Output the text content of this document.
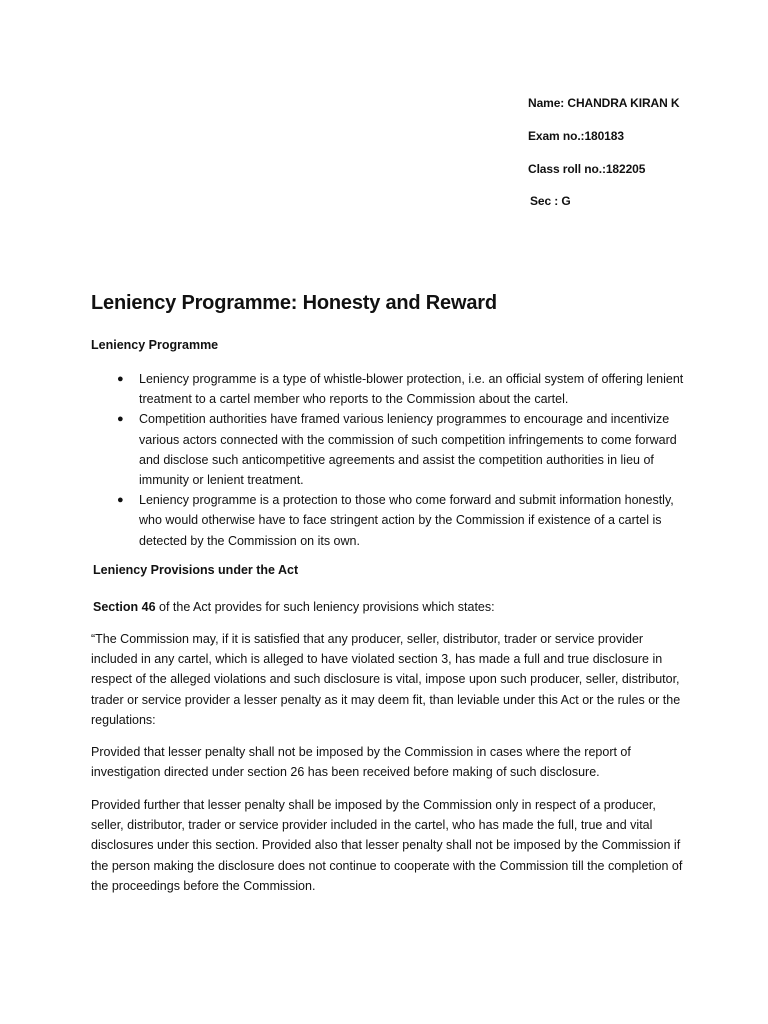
Name: CHANDRA KIRAN K
Exam no.:180183
Class roll no.:182205
Sec : G
Leniency Programme: Honesty and Reward
Leniency Programme
● Leniency programme is a type of whistle-blower protection, i.e. an official system of offering lenient treatment to a cartel member who reports to the Commission about the cartel.
● Competition authorities have framed various leniency programmes to encourage and incentivize various actors connected with the commission of such competition infringements to come forward and disclose such anticompetitive agreements and assist the competition authorities in lieu of immunity or lenient treatment.
● Leniency programme is a protection to those who come forward and submit information honestly, who would otherwise have to face stringent action by the Commission if existence of a cartel is detected by the Commission on its own.
Leniency Provisions under the Act

Section 46 of the Act provides for such leniency provisions which states:

“The Commission may, if it is satisfied that any producer, seller, distributor, trader or service provider included in any cartel, which is alleged to have violated section 3, has made a full and true disclosure in respect of the alleged violations and such disclosure is vital, impose upon such producer, seller, distributor, trader or service provider a lesser penalty as it may deem fit, than leviable under this Act or the rules or the regulations:

Provided that lesser penalty shall not be imposed by the Commission in cases where the report of investigation directed under section 26 has been received before making of such disclosure.

Provided further that lesser penalty shall be imposed by the Commission only in respect of a producer, seller, distributor, trader or service provider included in the cartel, who has made the full, true and vital disclosures under this section. Provided also that lesser penalty shall not be imposed by the Commission if the person making the disclosure does not continue to cooperate with the Commission till the completion of the proceedings before the Commission.
